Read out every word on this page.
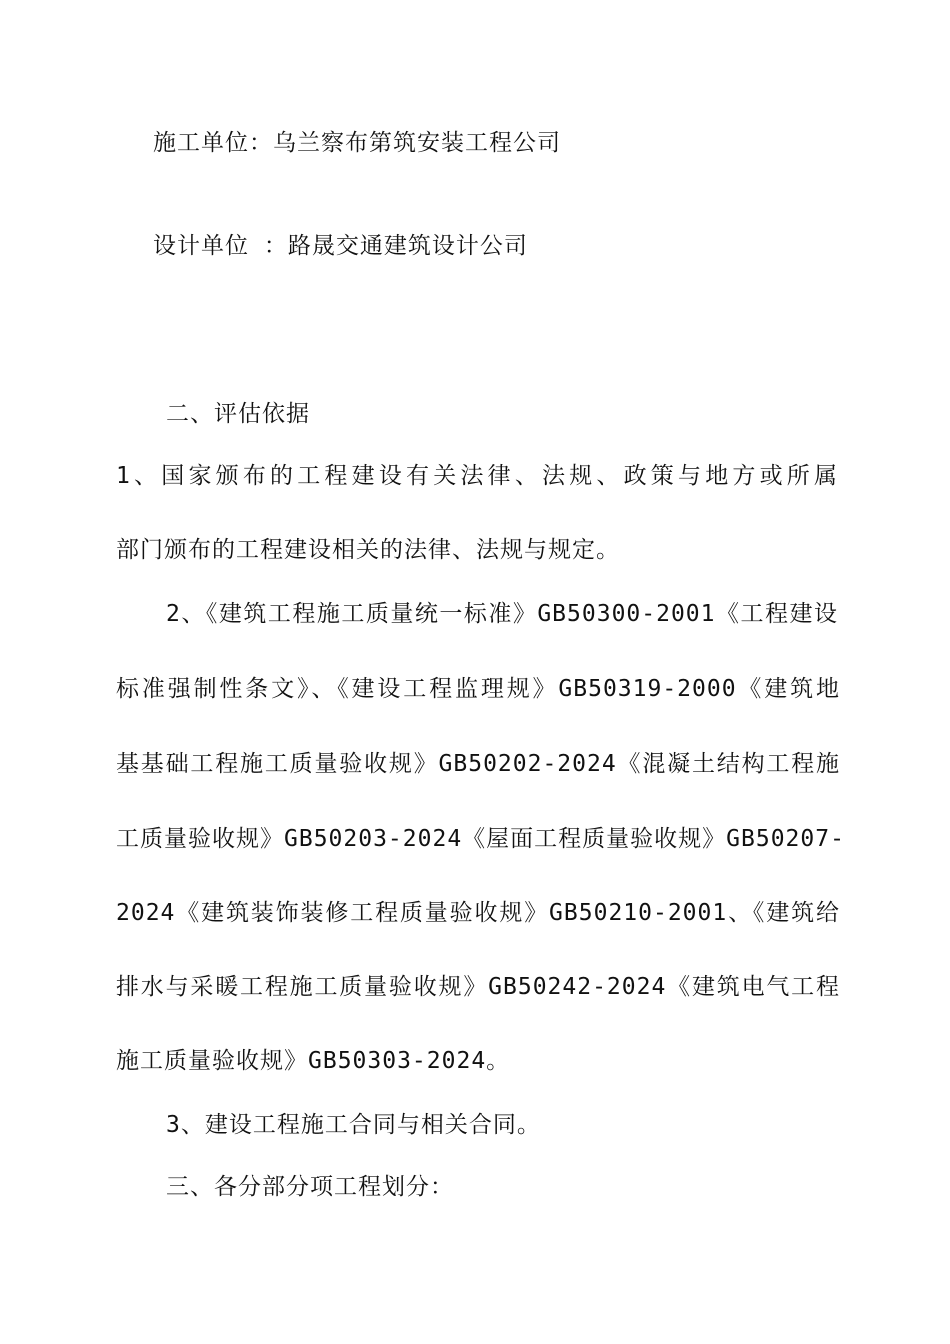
施工单位：乌兰察布第筑安装工程公司
设计单位 ：路晟交通建筑设计公司
二、评估依据
1、国家颁布的工程建设有关法律、法规、政策与地方或所属
部门颁布的工程建设相关的法律、法规与规定。
2、《建筑工程施工质量统一标准》GB50300-2001《工程建设
标准强制性条文》、《建设工程监理规》GB50319-2000《建筑地
基基础工程施工质量验收规》GB50202-2024《混凝土结构工程施
工质量验收规》GB50203-2024《屋面工程质量验收规》GB50207-
2024《建筑装饰装修工程质量验收规》GB50210-2001、《建筑给
排水与采暖工程施工质量验收规》GB50242-2024《建筑电气工程
施工质量验收规》GB50303-2024。
3、建设工程施工合同与相关合同。
三、各分部分项工程划分：
